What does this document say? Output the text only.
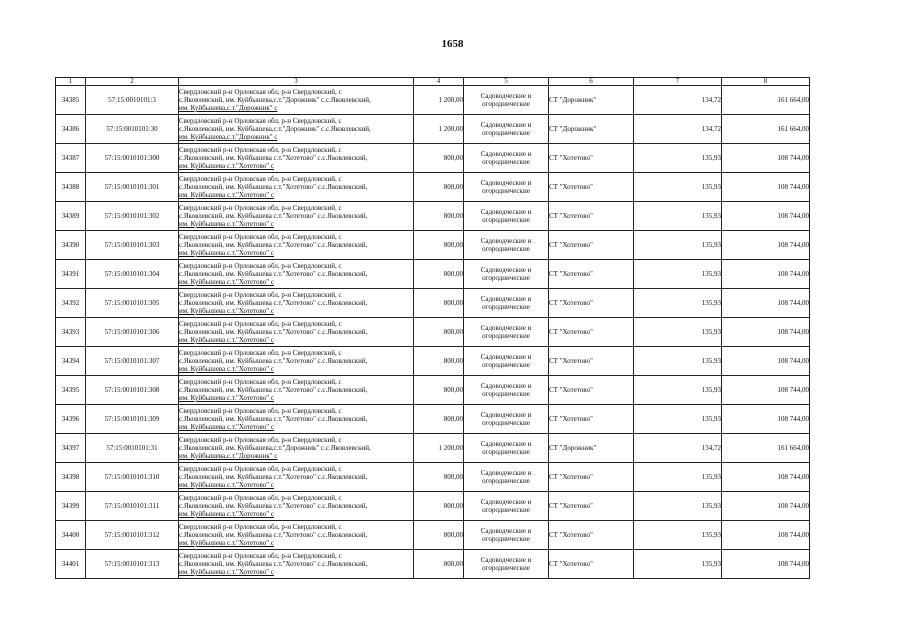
1658
1	2	3	4	5	6	7	8
34385	57:15:0010101:3	Свердловский р-н Орловская обл, р-н Свердловский, с
с.Яковлевский, им. Куйбышева,с.т."Дорожник" с.с.Яковлевский,
им. Куйбышева,с.т."Дорожник" с	1 200,00	Садоводческие и
огороднические	СТ "Дорожник"	134,72	161 664,00
34386	57:15:0010101:30	Свердловский р-н Орловская обл, р-н Свердловский, с
с.Яковлевский, им. Куйбышева,с.т."Дорожник" с.с.Яковлевский,
им. Куйбышева,с.т."Дорожник" с	1 200,00	Садоводческие и
огороднические	СТ "Дорожник"	134,72	161 664,00
34387	57:15:0010101:300	Свердловский р-н Орловская обл, р-н Свердловский, с
с.Яковлевский, им. Куйбышева с.т."Хотетово" с.с.Яковлевский,
им. Куйбышева с.т."Хотетово" с	800,00	Садоводческие и
огороднические	СТ "Хотетово"	135,93	108 744,00
34388	57:15:0010101:301	Свердловский р-н Орловская обл, р-н Свердловский, с
с.Яковлевский, им. Куйбышева с.т."Хотетово" с.с.Яковлевский,
им. Куйбышева с.т."Хотетово" с	800,00	Садоводческие и
огороднические	СТ "Хотетово"	135,93	108 744,00
34389	57:15:0010101:302	Свердловский р-н Орловская обл, р-н Свердловский, с
с.Яковлевский, им. Куйбышева с.т."Хотетово" с.с.Яковлевский,
им. Куйбышева с.т."Хотетово" с	800,00	Садоводческие и
огороднические	СТ "Хотетово"	135,93	108 744,00
34390	57:15:0010101:303	Свердловский р-н Орловская обл, р-н Свердловский, с
с.Яковлевский, им. Куйбышева с.т."Хотетово" с.с.Яковлевский,
им. Куйбышева с.т."Хотетово" с	800,00	Садоводческие и
огороднические	СТ "Хотетово"	135,93	108 744,00
34391	57:15:0010101:304	Свердловский р-н Орловская обл, р-н Свердловский, с
с.Яковлевский, им. Куйбышева с.т."Хотетово" с.с.Яковлевский,
им. Куйбышева с.т."Хотетово" с	800,00	Садоводческие и
огороднические	СТ "Хотетово"	135,93	108 744,00
34392	57:15:0010101:305	Свердловский р-н Орловская обл, р-н Свердловский, с
с.Яковлевский, им. Куйбышева с.т."Хотетово" с.с.Яковлевский,
им. Куйбышева с.т."Хотетово" с	800,00	Садоводческие и
огороднические	СТ "Хотетово"	135,93	108 744,00
34393	57:15:0010101:306	Свердловский р-н Орловская обл, р-н Свердловский, с
с.Яковлевский, им. Куйбышева с.т."Хотетово" с.с.Яковлевский,
им. Куйбышева с.т."Хотетово" с	800,00	Садоводческие и
огороднические	СТ "Хотетово"	135,93	108 744,00
34394	57:15:0010101:307	Свердловский р-н Орловская обл, р-н Свердловский, с
с.Яковлевский, им. Куйбышева с.т."Хотетово" с.с.Яковлевский,
им. Куйбышева с.т."Хотетово" с	800,00	Садоводческие и
огороднические	СТ "Хотетово"	135,93	108 744,00
34395	57:15:0010101:308	Свердловский р-н Орловская обл, р-н Свердловский, с
с.Яковлевский, им. Куйбышева с.т."Хотетово" с.с.Яковлевский,
им. Куйбышева с.т."Хотетово" с	800,00	Садоводческие и
огороднические	СТ "Хотетово"	135,93	108 744,00
34396	57:15:0010101:309	Свердловский р-н Орловская обл, р-н Свердловский, с
с.Яковлевский, им. Куйбышева с.т."Хотетово" с.с.Яковлевский,
им. Куйбышева с.т."Хотетово" с	800,00	Садоводческие и
огороднические	СТ "Хотетово"	135,93	108 744,00
34397	57:15:0010101:31	Свердловский р-н Орловская обл, р-н Свердловский, с
с.Яковлевский, им. Куйбышева,с.т."Дорожник" с.с.Яковлевский,
им. Куйбышева,с.т."Дорожник" с	1 200,00	Садоводческие и
огороднические	СТ "Дорожник"	134,72	161 664,00
34398	57:15:0010101:310	Свердловский р-н Орловская обл, р-н Свердловский, с
с.Яковлевский, им. Куйбышева с.т."Хотетово" с.с.Яковлевский,
им. Куйбышева с.т."Хотетово" с	800,00	Садоводческие и
огороднические	СТ "Хотетово"	135,93	108 744,00
34399	57:15:0010101:311	Свердловский р-н Орловская обл, р-н Свердловский, с
с.Яковлевский, им. Куйбышева с.т."Хотетово" с.с.Яковлевский,
им. Куйбышева с.т."Хотетово" с	800,00	Садоводческие и
огороднические	СТ "Хотетово"	135,93	108 744,00
34400	57:15:0010101:312	Свердловский р-н Орловская обл, р-н Свердловский, с
с.Яковлевский, им. Куйбышева с.т."Хотетово" с.с.Яковлевский,
им. Куйбышева с.т."Хотетово" с	800,00	Садоводческие и
огороднические	СТ "Хотетово"	135,93	108 744,00
34401	57:15:0010101:313	Свердловский р-н Орловская обл, р-н Свердловский, с
с.Яковлевский, им. Куйбышева с.т."Хотетово" с.с.Яковлевский,
им. Куйбышева с.т."Хотетово" с	800,00	Садоводческие и
огороднические	СТ "Хотетово"	135,93	108 744,00
